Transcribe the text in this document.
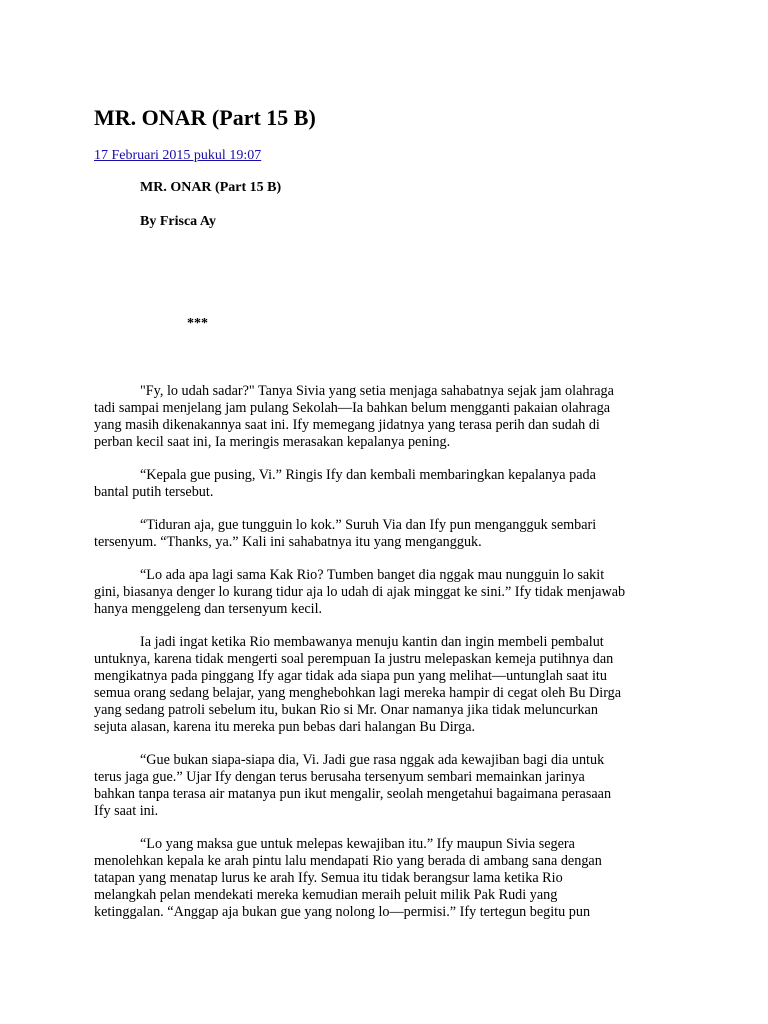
MR. ONAR (Part 15 B)
17 Februari 2015 pukul 19:07
MR. ONAR (Part 15 B)
By Frisca Ay
***

"Fy, lo udah sadar?" Tanya Sivia yang setia menjaga sahabatnya sejak jam olahraga
tadi sampai menjelang jam pulang Sekolah—Ia bahkan belum mengganti pakaian olahraga
yang masih dikenakannya saat ini. Ify memegang jidatnya yang terasa perih dan sudah di
perban kecil saat ini, Ia meringis merasakan kepalanya pening.

“Kepala gue pusing, Vi.” Ringis Ify dan kembali membaringkan kepalanya pada
bantal putih tersebut.

“Tiduran aja, gue tungguin lo kok.” Suruh Via dan Ify pun mengangguk sembari
tersenyum. “Thanks, ya.” Kali ini sahabatnya itu yang mengangguk.

“Lo ada apa lagi sama Kak Rio? Tumben banget dia nggak mau nungguin lo sakit
gini, biasanya denger lo kurang tidur aja lo udah di ajak minggat ke sini.” Ify tidak menjawab
hanya menggeleng dan tersenyum kecil.

Ia jadi ingat ketika Rio membawanya menuju kantin dan ingin membeli pembalut
untuknya, karena tidak mengerti soal perempuan Ia justru melepaskan kemeja putihnya dan
mengikatnya pada pinggang Ify agar tidak ada siapa pun yang melihat—untunglah saat itu
semua orang sedang belajar, yang menghebohkan lagi mereka hampir di cegat oleh Bu Dirga
yang sedang patroli sebelum itu, bukan Rio si Mr. Onar namanya jika tidak meluncurkan
sejuta alasan, karena itu mereka pun bebas dari halangan Bu Dirga.

“Gue bukan siapa-siapa dia, Vi. Jadi gue rasa nggak ada kewajiban bagi dia untuk
terus jaga gue.” Ujar Ify dengan terus berusaha tersenyum sembari memainkan jarinya
bahkan tanpa terasa air matanya pun ikut mengalir, seolah mengetahui bagaimana perasaan
Ify saat ini.

“Lo yang maksa gue untuk melepas kewajiban itu.” Ify maupun Sivia segera
menolehkan kepala ke arah pintu lalu mendapati Rio yang berada di ambang sana dengan
tatapan yang menatap lurus ke arah Ify. Semua itu tidak berangsur lama ketika Rio
melangkah pelan mendekati mereka kemudian meraih peluit milik Pak Rudi yang
ketinggalan. “Anggap aja bukan gue yang nolong lo—permisi.” Ify tertegun begitu pun
